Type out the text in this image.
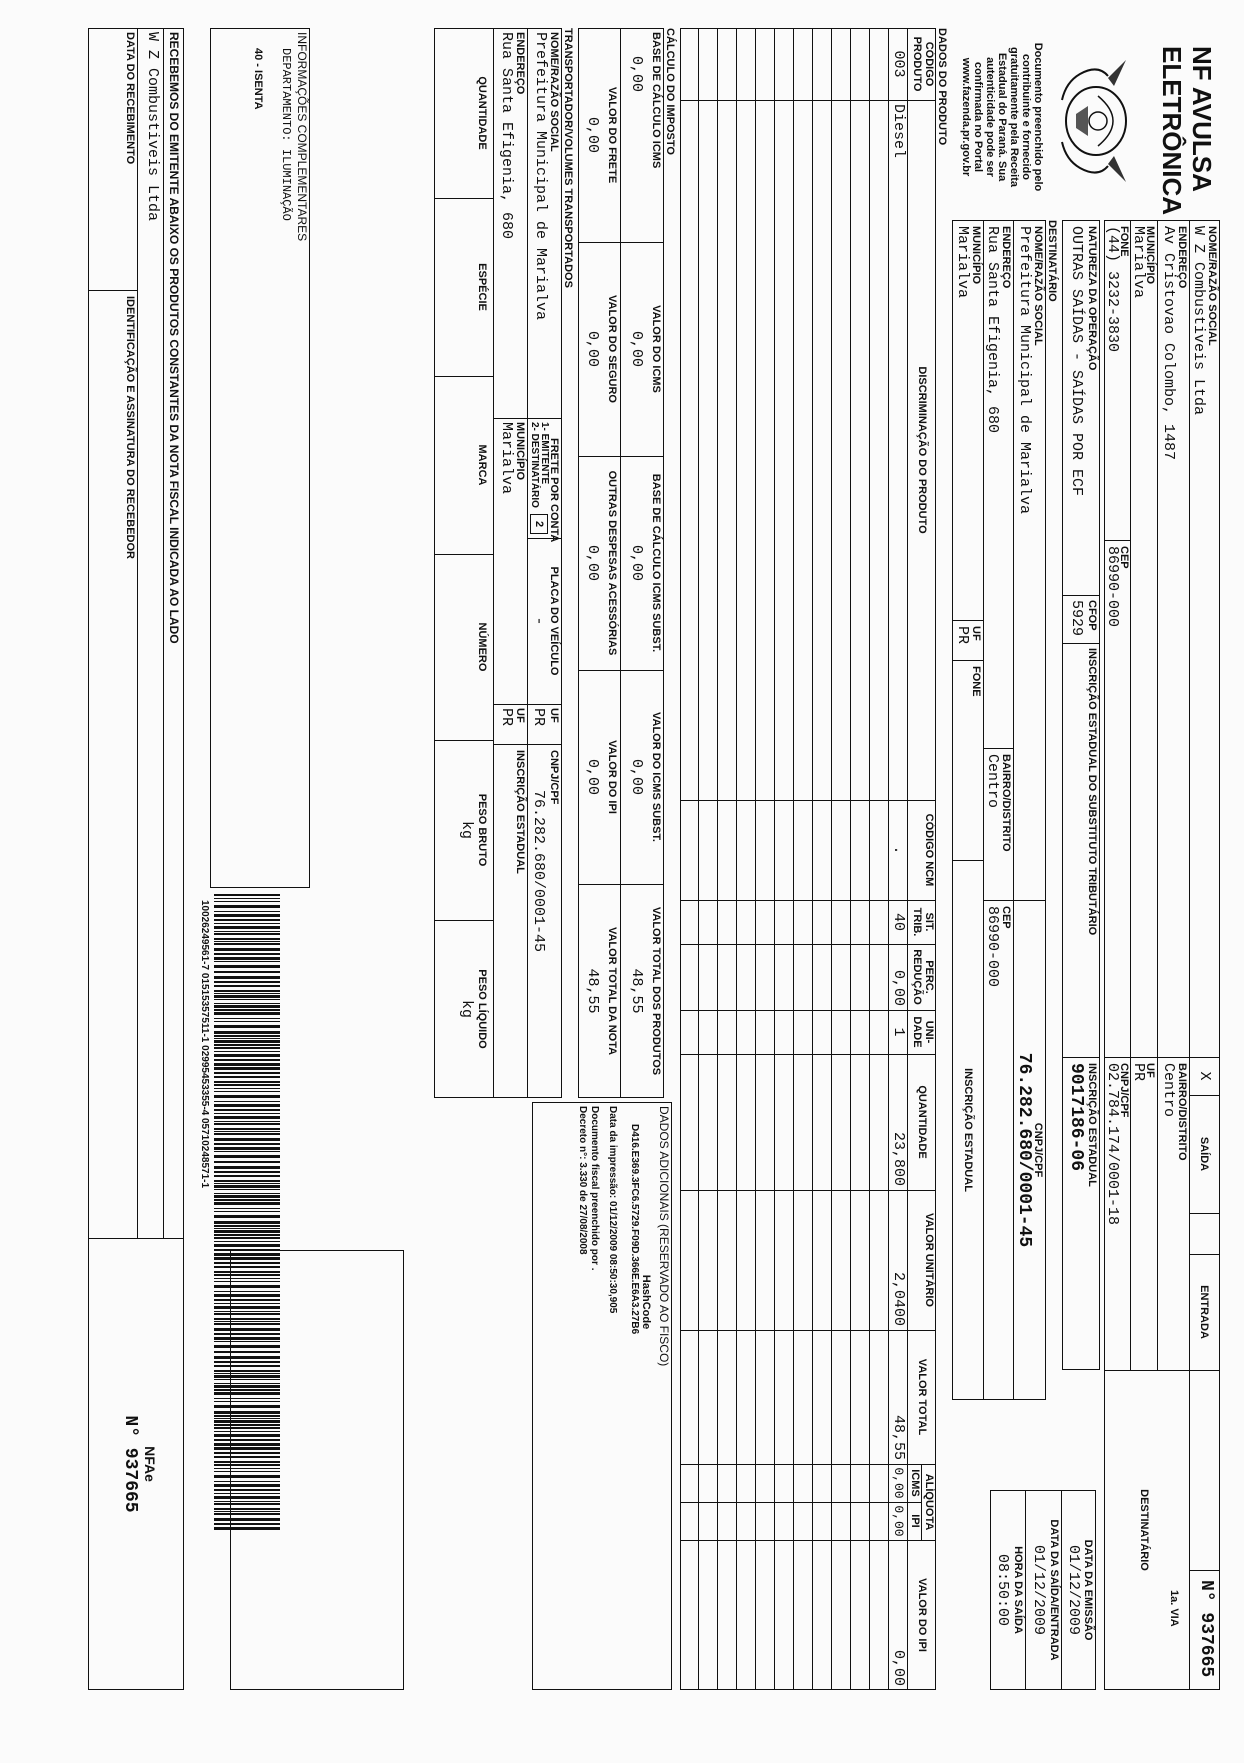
NF AVULSA
ELETRÔNICA
Documento preenchido pelo
contribuinte e fornecido
gratuitamente pela Receita
Estadual do Paraná. Sua
autenticidade pode ser
confirmada no Portal
www.fazenda.pr.gov.br
NOME/RAZÃO SOCIAL
W Z Combustiveis Ltda
X
SAÍDA
ENTRADA
N° 937665
ENDEREÇO
Av Cristovao Colombo, 1487
BAIRRO/DISTRITO
Centro
1a. VIA
MUNICÍPIO
Marialva
UF
PR
DESTINATÁRIO
FONE
(44) 3232-3830
CEP
86990-000
CNPJ/CPF
02.784.174/0001-18
NATUREZA DA OPERAÇÃO
OUTRAS SAÍDAS - SAÍDAS POR ECF
CFOP
5929
INSCRIÇÃO ESTADUAL DO SUBSTITUTO TRIBUTÁRIO
INSCRIÇÃO ESTADUAL
9017186-06
DATA DA EMISSÃO
01/12/2009
DATA DA SAÍDA/ENTRADA
01/12/2009
HORA DA SAÍDA
08:50:00
DESTINATÁRIO
NOME/RAZÃO SOCIAL
Prefeitura Municipal de Marialva
CNPJ/CPF
76.282.680/0001-45
ENDEREÇO
Rua Santa Efigenia, 680
BAIRRO/DISTRITO
Centro
CEP
86990-000
MUNICÍPIO
Marialva
UF
PR
FONE
INSCRIÇÃO ESTADUAL
DADOS DO PRODUTO
CÓDIGO PRODUTO
DISCRIMINAÇÃO DO PRODUTO
CÓDIGO NCM
SIT. TRIB.
PERC. REDUÇÃO
UNI- DADE
QUANTIDADE
VALOR UNITÁRIO
VALOR TOTAL
ALÍQUOTA
ICMS
IPI
VALOR DO IPI
003
Diesel
.
40
0,00
1
23,800
2,0400
48,55
0,00
0,00
0,00
CÁLCULO DO IMPOSTO
BASE DE CÁLCULO ICMS
0,00
VALOR DO ICMS
0,00
BASE DE CÁLCULO ICMS SUBST.
0,00
VALOR DO ICMS SUBST.
0,00
VALOR TOTAL DOS PRODUTOS
48,55
VALOR DO FRETE
0,00
VALOR DO SEGURO
0,00
OUTRAS DESPESAS ACESSÓRIAS
0,00
VALOR DO IPI
0,00
VALOR TOTAL DA NOTA
48,55
DADOS ADICIONAIS (RESERVADO AO FISCO)
HashCode
D416.E369.3FC6.5729.F09D.366E.E6A3.27B6
Data da impressão: 01/12/2009 08:50:30,905
Documento fiscal preenchido por .
Decreto n°: 3.330 de 27/08/2008
TRANSPORTADOR/VOLUMES TRANSPORTADOS
NOME/RAZÃO SOCIAL
Prefeitura Municipal de Marialva
FRETE POR CONTA
1- EMITENTE
2- DESTINATÁRIO
2
PLACA DO VEÍCULO
-
UF
PR
CNPJ/CPF
76.282.680/0001-45
ENDEREÇO
Rua Santa Efigenia, 680
MUNICÍPIO
Marialva
UF
PR
INSCRIÇÃO ESTADUAL
QUANTIDADE
ESPÉCIE
MARCA
NÚMERO
PESO BRUTO
kg
PESO LÍQUIDO
kg
INFORMAÇÕES COMPLEMENTARES
DEPARTAMENTO: ILUMINAÇÃO
40 - ISENTA
10026249561-7 01515357511-1 02995453355-4 05710248571-1
RECEBEMOS DO EMITENTE ABAIXO OS PRODUTOS CONSTANTES DA NOTA FISCAL INDICADA AO LADO
W Z Combustiveis Ltda
DATA DO RECEBIMENTO
IDENTIFICAÇÃO E ASSINATURA DO RECEBEDOR
NFAe
N° 937665
